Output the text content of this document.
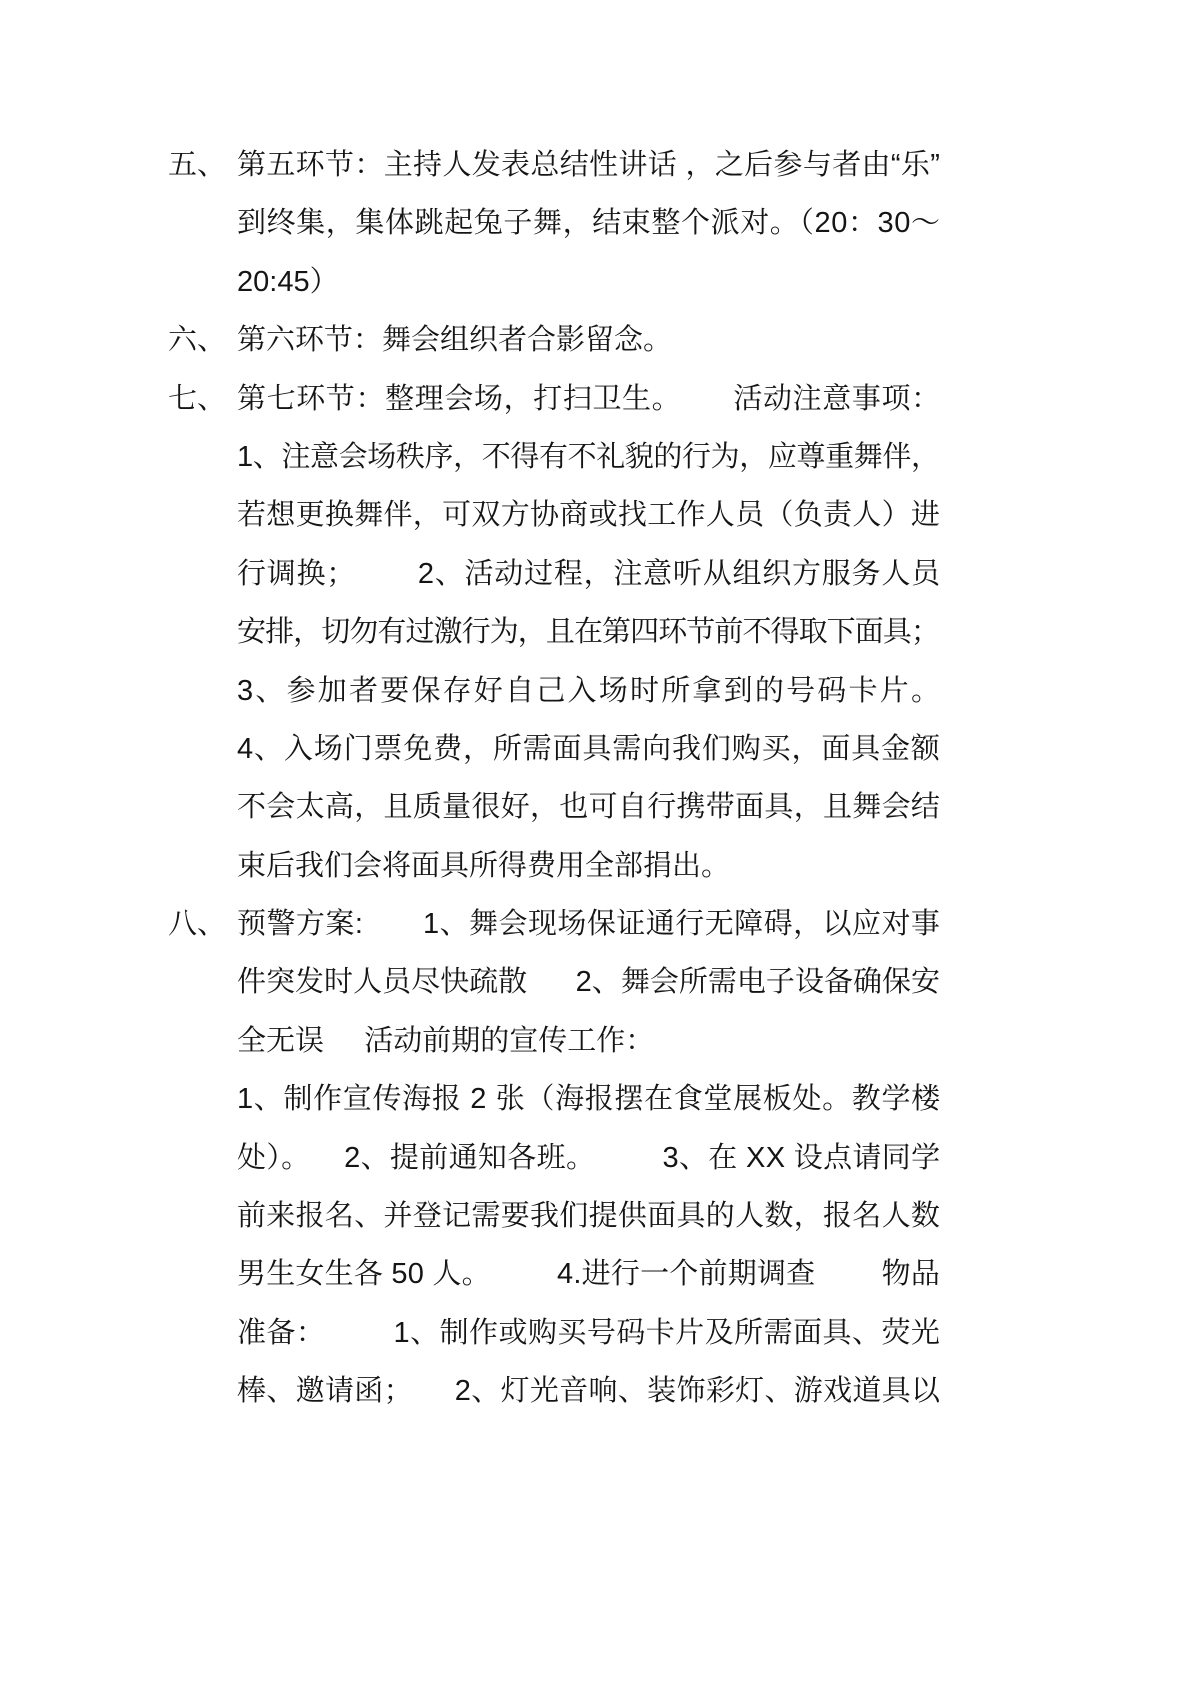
五、 第五环节：主持人发表总结性讲话 ，之后参与者由“乐”
到终集，集体跳起兔子舞，结束整个派对。（20：30～
20:45）
六、 第六环节：舞会组织者合影留念。
七、 第七环节：整理会场，打扫卫生。      活动注意事项：
1、注意会场秩序，不得有不礼貌的行为，应尊重舞伴，
若想更换舞伴，可双方协商或找工作人员（负责人）进
行调换；       2、活动过程，注意听从组织方服务人员
安排，切勿有过激行为，且在第四环节前不得取下面具；
3、参加者要保存好自己入场时所拿到的号码卡片。
4、入场门票免费，所需面具需向我们购买，面具金额
不会太高，且质量很好，也可自行携带面具，且舞会结
束后我们会将面具所得费用全部捐出。
八、 预警方案:       1、舞会现场保证通行无障碍，以应对事
件突发时人员尽快疏散      2、舞会所需电子设备确保安
全无误     活动前期的宣传工作：
1、制作宣传海报 2 张（海报摆在食堂展板处。教学楼
处）。    2、提前通知各班。        3、在 XX 设点请同学
前来报名、并登记需要我们提供面具的人数，报名人数
男生女生各 50 人。        4.进行一个前期调查        物品
准备：        1、制作或购买号码卡片及所需面具、荧光
棒、邀请函；     2、灯光音响、装饰彩灯、游戏道具以
